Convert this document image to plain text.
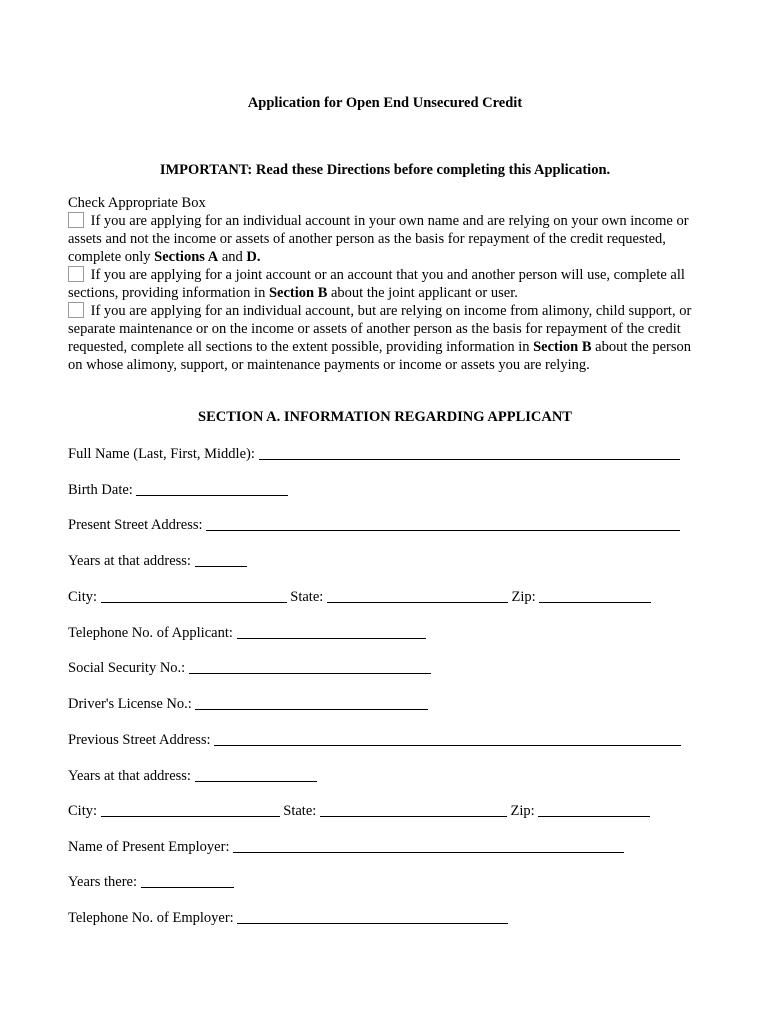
Application for Open End Unsecured Credit
IMPORTANT: Read these Directions before completing this Application.

Check Appropriate Box

If you are applying for an individual account in your own name and are relying on your own income or assets and not the income or assets of another person as the basis for repayment of the credit requested, complete only Sections A and D.

If you are applying for a joint account or an account that you and another person will use, complete all sections, providing information in Section B about the joint applicant or user.

If you are applying for an individual account, but are relying on income from alimony, child support, or separate maintenance or on the income or assets of another person as the basis for repayment of the credit requested, complete all sections to the extent possible, providing information in Section B about the person on whose alimony, support, or maintenance payments or income or assets you are relying.

SECTION A. INFORMATION REGARDING APPLICANT
Full Name (Last, First, Middle):
Birth Date:
Present Street Address:
Years at that address:
City:	State:	Zip:
Telephone No. of Applicant:
Social Security No.:
Driver's License No.:
Previous Street Address:
Years at that address:
City:	State:	Zip:
Name of Present Employer:
Years there:
Telephone No. of Employer:
